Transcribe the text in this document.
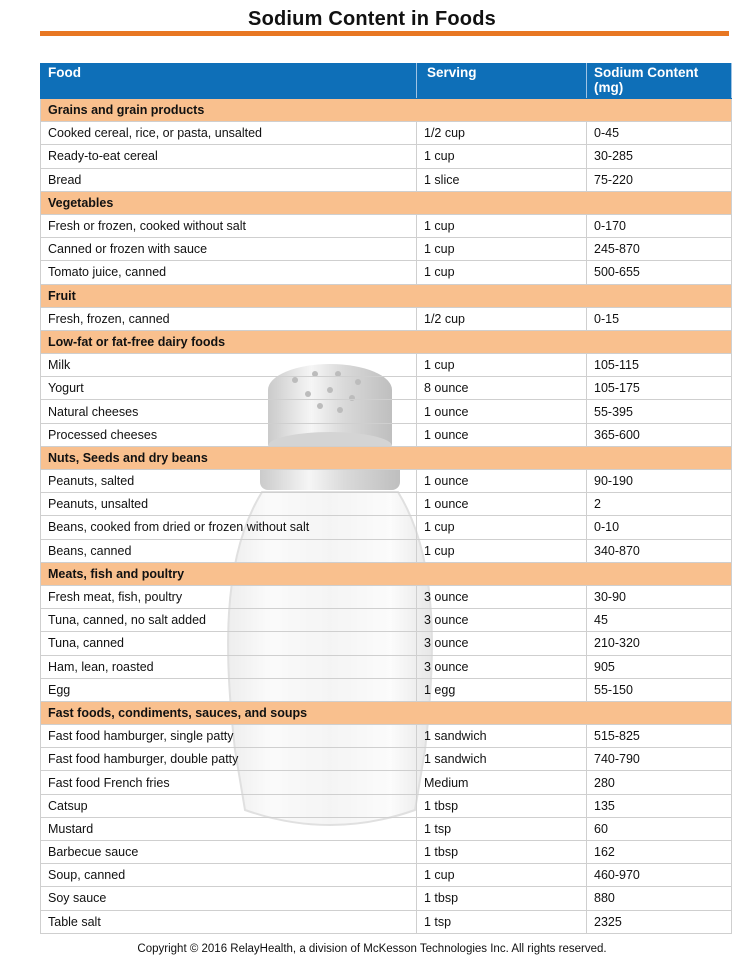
Sodium Content in Foods
Food	Serving	Sodium Content (mg)
Grains and grain products		
Cooked cereal, rice, or pasta, unsalted	1/2 cup	0-45
Ready-to-eat cereal	1 cup	30-285
Bread	1 slice	75-220
Vegetables		
Fresh or frozen, cooked without salt	1 cup	0-170
Canned or frozen with sauce	1 cup	245-870
Tomato juice, canned	1 cup	500-655
Fruit		
Fresh, frozen, canned	1/2 cup	0-15
Low-fat or fat-free dairy foods		
Milk	1 cup	105-115
Yogurt	8 ounce	105-175
Natural cheeses	1 ounce	55-395
Processed cheeses	1 ounce	365-600
Nuts, Seeds and dry beans		
Peanuts, salted	1 ounce	90-190
Peanuts, unsalted	1 ounce	2
Beans, cooked from dried or frozen without salt	1 cup	0-10
Beans, canned	1 cup	340-870
Meats, fish and poultry		
Fresh meat, fish, poultry	3 ounce	30-90
Tuna, canned, no salt added	3 ounce	45
Tuna, canned	3 ounce	210-320
Ham, lean, roasted	3 ounce	905
Egg	1 egg	55-150
Fast foods, condiments, sauces, and soups		
Fast food hamburger, single patty	1 sandwich	515-825
Fast food hamburger, double patty	1 sandwich	740-790
Fast food French fries	Medium	280
Catsup	1 tbsp	135
Mustard	1 tsp	60
Barbecue sauce	1 tbsp	162
Soup, canned	1 cup	460-970
Soy sauce	1 tbsp	880
Table salt	1 tsp	2325
Copyright © 2016 RelayHealth, a division of McKesson Technologies Inc. All rights reserved.
